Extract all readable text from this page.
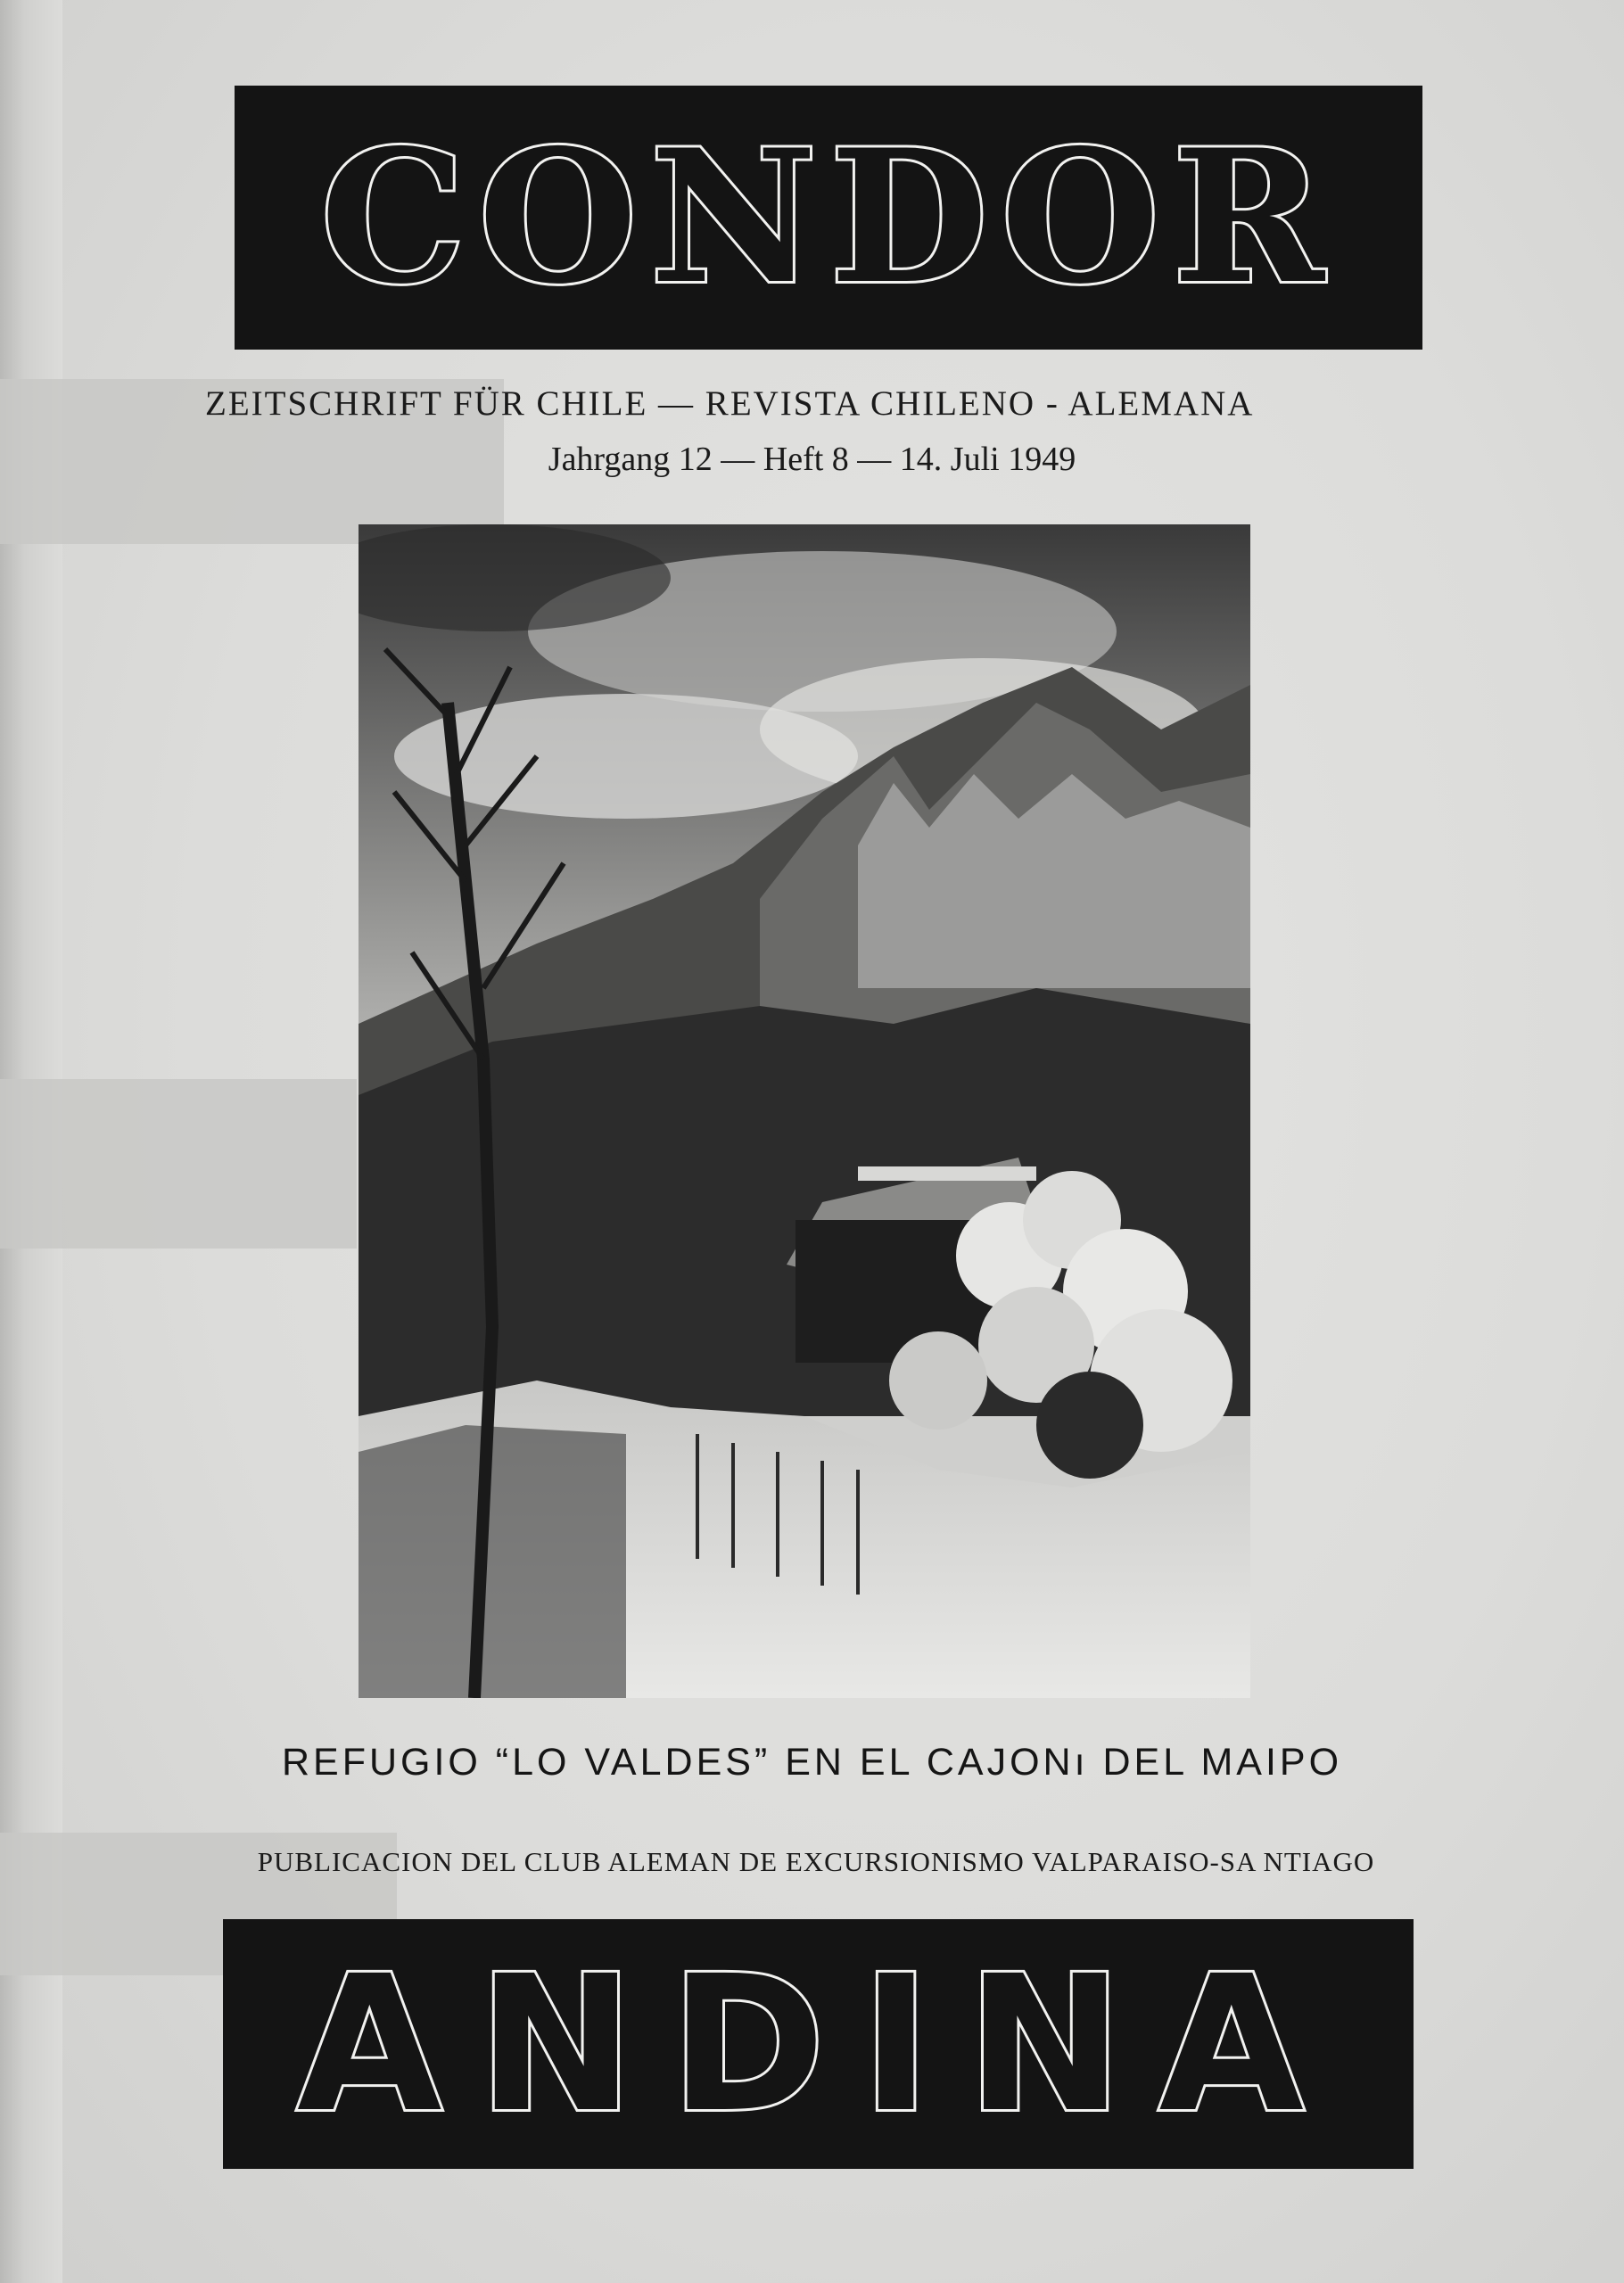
CONDOR
ZEITSCHRIFT FÜR CHILE — REVISTA CHILENO - ALEMANA
Jahrgang 12 — Heft 8 — 14. Juli 1949
REFUGIO “LO VALDES” EN EL CAJONı DEL MAIPO
PUBLICACION DEL CLUB ALEMAN DE EXCURSIONISMO VALPARAISO-SA NTIAGO
ANDINA
